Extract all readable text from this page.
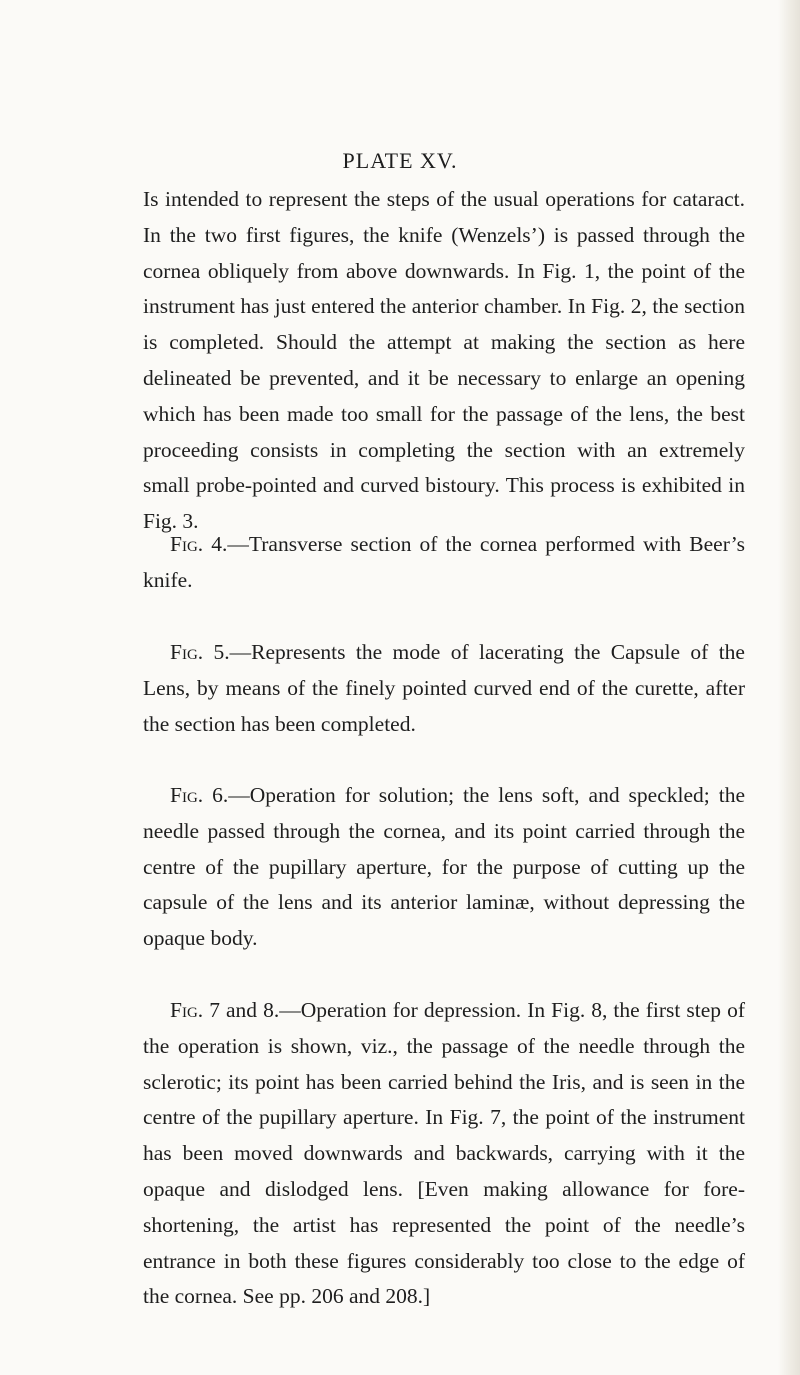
PLATE XV.

Is intended to represent the steps of the usual operations for cataract. In the two first figures, the knife (Wenzels’) is passed through the cornea obliquely from above downwards. In Fig. 1, the point of the instrument has just entered the anterior chamber. In Fig. 2, the section is completed. Should the attempt at making the section as here delineated be prevented, and it be necessary to enlarge an opening which has been made too small for the passage of the lens, the best proceeding consists in completing the section with an extremely small probe-pointed and curved bistoury. This process is exhibited in Fig. 3.

Fig. 4.—Transverse section of the cornea performed with Beer’s knife.

Fig. 5.—Represents the mode of lacerating the Capsule of the Lens, by means of the finely pointed curved end of the curette, after the section has been completed.

Fig. 6.—Operation for solution; the lens soft, and speckled; the needle passed through the cornea, and its point carried through the centre of the pupillary aperture, for the purpose of cutting up the capsule of the lens and its anterior laminæ, without depressing the opaque body.

Fig. 7 and 8.—Operation for depression. In Fig. 8, the first step of the operation is shown, viz., the passage of the needle through the sclerotic; its point has been carried behind the Iris, and is seen in the centre of the pupillary aperture. In Fig. 7, the point of the instrument has been moved downwards and backwards, carrying with it the opaque and dislodged lens. [Even making allowance for fore-shortening, the artist has represented the point of the needle’s entrance in both these figures considerably too close to the edge of the cornea. See pp. 206 and 208.]
